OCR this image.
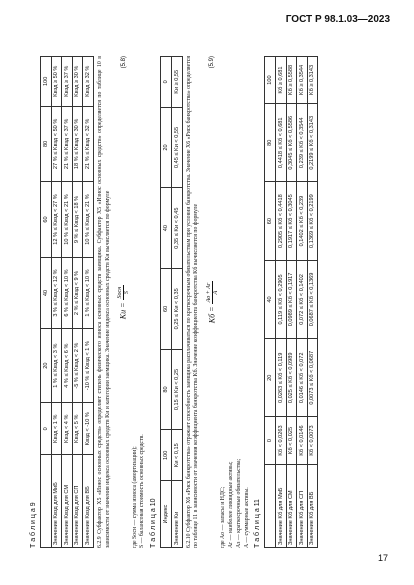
ГОСТ Р 98.1.03—2023
Т а б л и ц а 9
	0	20	40	60	80	100
Значение Kвзд для МиБ	Kвзд < 1 %	1 % ≤ Kвзд < 3 %	3 % ≤ Kвзд < 12 %	12 % ≤ Kвзд < 27 %	27 % ≤ Kвзд < 50 %	Kвзд ≥ 50 %
Значение Kвзд для СМ	Kвзд < 4 %	4 % ≤ Kвзд < 6 %	6 % ≤ Kвзд < 10 %	10 % ≤ Kвзд < 21 %	21 % ≤ Kвзд < 37 %	Kвзд ≥ 37 %
Значение Kвзд для СП	Kвзд < 5 %	-5 % ≤ Kвзд < 2 %	2 % ≤ Kвзд < 9 %	9 % ≤ Kвзд < 18 %	18 % ≤ Kвзд < 30 %	Kвзд ≥ 30 %
Значение Kвзд для ВБ	Kвзд < -10 %	-10 % ≤ Kвзд < 1 %	1 % ≤ Kвзд < 10 %	10 % ≤ Kвзд < 21 %	21 % ≤ Kвзд < 32 %	Kвзд ≥ 32 % 6.2.9 Субфактор X5 «Износ основных средств» определяет степень физического износа основных средств заемщика. Субфактор X5 «Износ основных средств» определяется по таблице 10 в зависимости от значения индекса основных средств Kи и категории заемщика. Значение индекса основных средств Kи вычисляется по формуле Kи =
Sосн S
(5.8)
где Sосн — сумма износа (амортизации); S — балансовая стоимость основных средств. Т а б л и ц а 10 Индекс	100	80	60	40	20	0
Значение Kи	Kи < 0,15	0,15 ≤ Kи < 0,25	0,25 ≤ Kи < 0,35	0,35 ≤ Kи < 0,45	0,45 ≤ Kи < 0,55	Kи ≥ 0,55 6.2.10 Субфактор X6 «Риск банкротства» отражает способность заемщика расплачиваться по краткосрочным обязательствам при условии банкротства. Значение X6 «Риск банкротства» определяется по таблице 11 в зависимости от значения коэффициента банкротства Kб. Значение коэффициента банкротства Kб вычисляется по формуле Kб =
Ao + Ar A
(5.9)
где Ao — запасы и НДС; Ar — наиболее ликвидные активы; Aз — краткосрочные обязательства; A — суммарные активы. Т а б л и ц а 11
	0	20	40	60	80	100
Значение Kб для МиБ	Kб < 0,0263	0,0263 ≤ Kб < 0,119	0,119 ≤ Kб < 0,2905	0,2905 ≤ Kб < 0,4418	0,4418 ≤ Kб < 0,681	Kб ≥ 0,681
Значение Kб для СМ	Kб < 0,025	0,025 ≤ Kб < 0,0989	0,0989 ≤ Kб < 0,1917	0,1917 ≤ Kб < 0,3045	0,3045 ≤ Kб < 0,5586	Kб ≥ 0,5588
Значение Kб для СП	Kб < 0,0146	0,0146 ≤ Kб < 0,072	0,072 ≤ Kб < 0,1402	0,1402 ≤ Kб < 0,239	0,239 ≤ Kб < 0,3544	Kб ≥ 0,3544
Значение Kб для ВБ	Kб < 0,0073	0,0073 ≤ Kб < 0,0687	0,0687 ≤ Kб < 0,1369	0,1369 ≤ Kб < 0,2199	0,2199 ≤ Kб < 0,3143	Kб ≥ 0,3143
17
